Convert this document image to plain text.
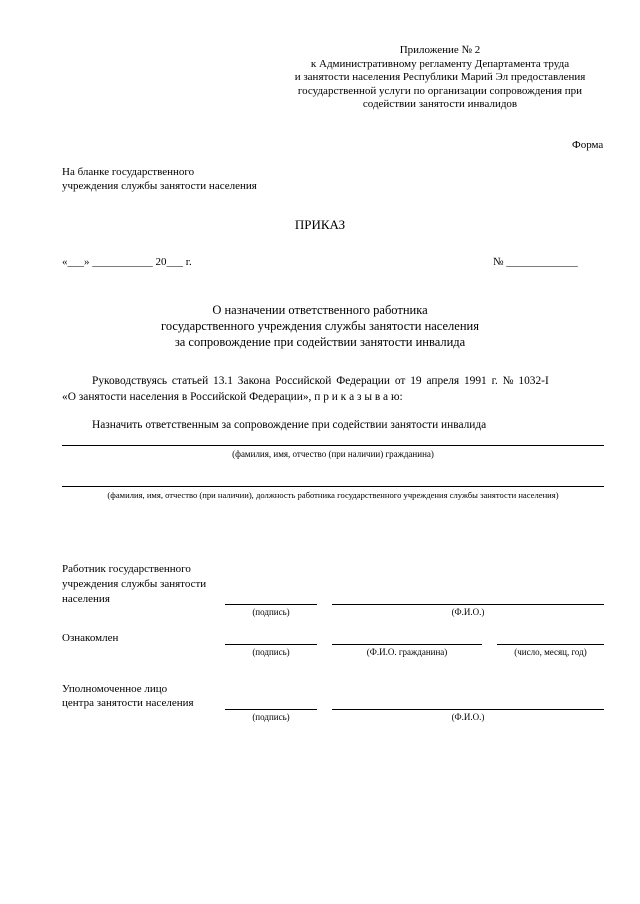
Приложение № 2
к Административному регламенту Департамента труда
и занятости населения Республики Марий Эл предоставления
государственной услуги по организации сопровождения при
содействии занятости инвалидов
Форма
На бланке государственного
учреждения службы занятости населения
ПРИКАЗ
«___» ___________ 20___ г.	№ _____________
О назначении ответственного работника
государственного учреждения службы занятости населения
за сопровождение при содействии занятости инвалида
Руководствуясь статьей 13.1 Закона Российской Федерации от 19 апреля 1991 г. № 1032-I
«О занятости населения в Российской Федерации», п р и к а з ы в а ю:
Назначить ответственным за сопровождение при содействии занятости инвалида
(фамилия, имя, отчество (при наличии) гражданина)
(фамилия, имя, отчество (при наличии), должность работника государственного учреждения службы занятости населения)
Работник государственного
учреждения службы занятости
населения
(подпись)	(Ф.И.О.)
Ознакомлен
(подпись)	(Ф.И.О. гражданина)	(число, месяц, год)
Уполномоченное лицо
центра занятости населения
(подпись)	(Ф.И.О.)
